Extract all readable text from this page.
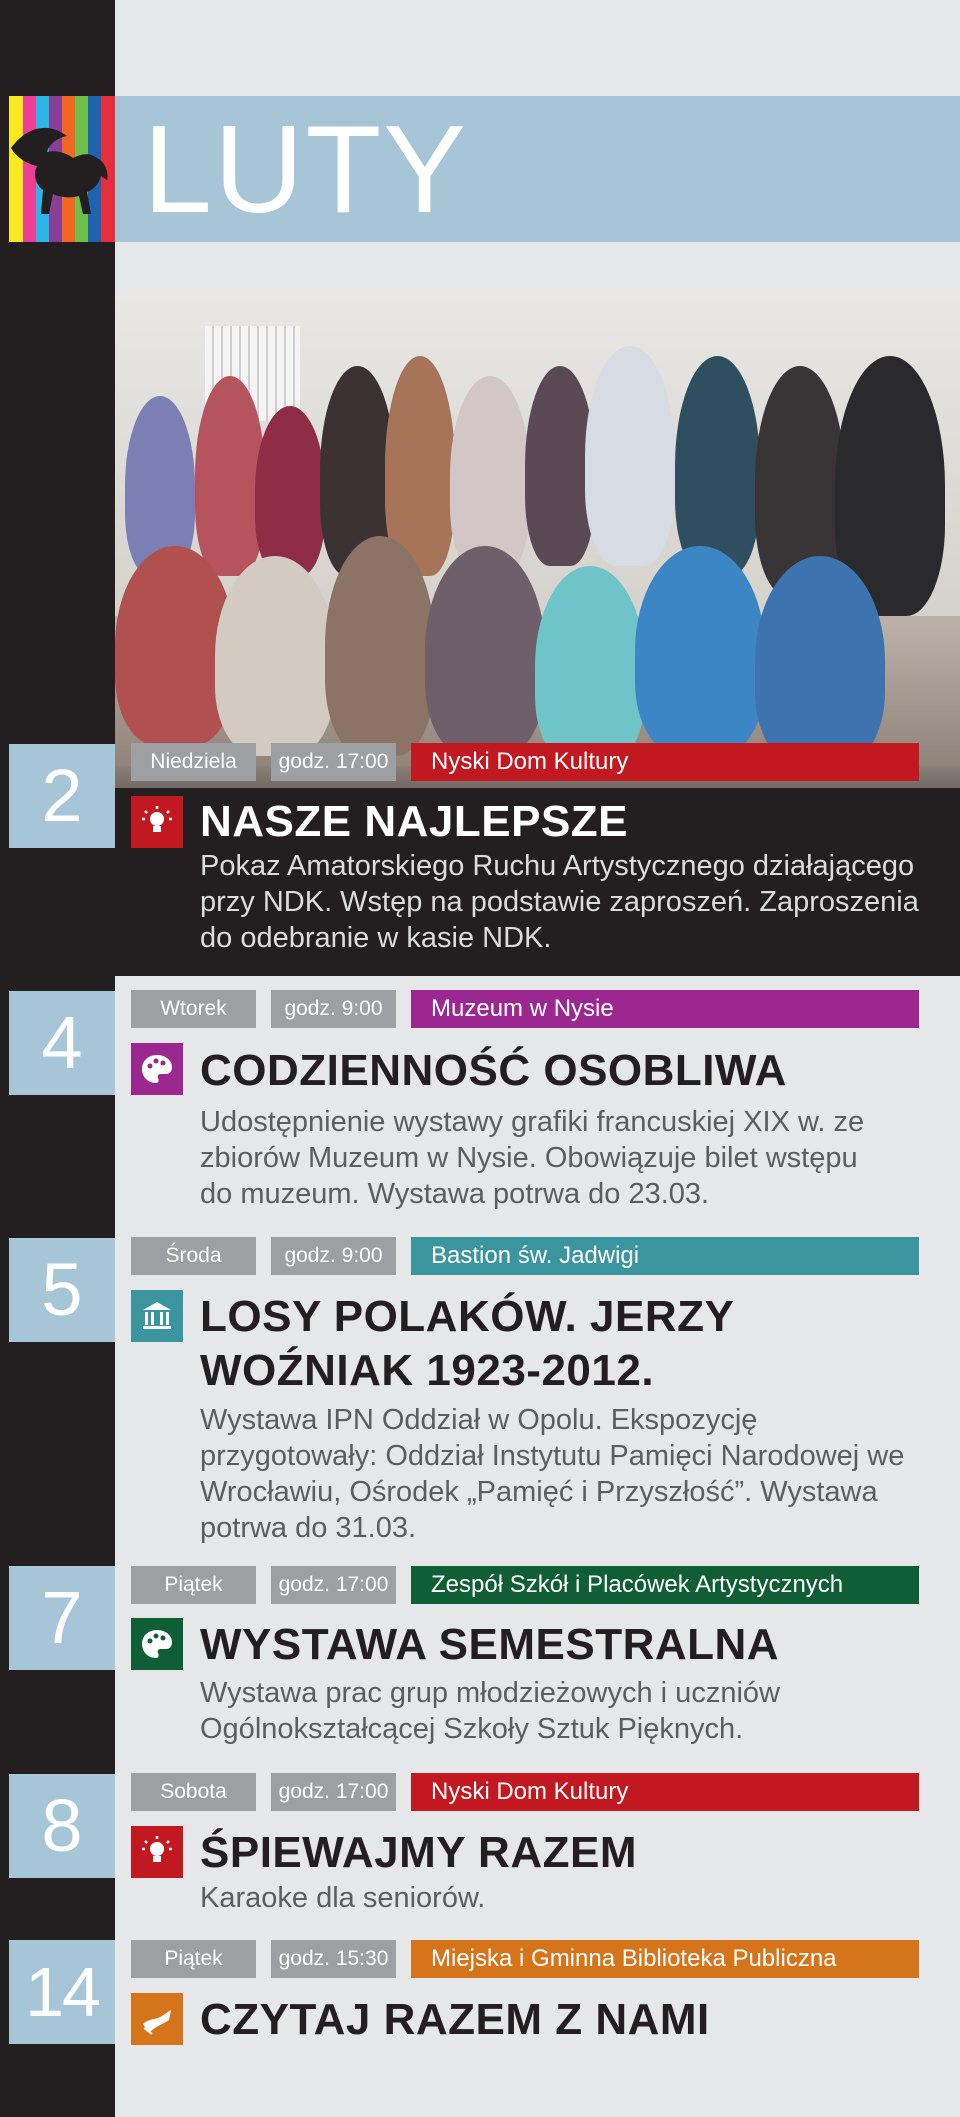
LUTY
2	Niedziela	godz. 17:00	Nyski Dom Kultury
NASZE NAJLEPSZE
Pokaz Amatorskiego Ruchu Artystycznego działającego przy NDK. Wstęp na podstawie zaproszeń. Zaproszenia do odebranie w kasie NDK.
4	Wtorek	godz. 9:00	Muzeum w Nysie
CODZIENNOŚĆ OSOBLIWA
Udostępnienie wystawy grafiki francuskiej XIX w. ze zbiorów Muzeum w Nysie. Obowiązuje bilet wstępu do muzeum. Wystawa potrwa do 23.03.
5	Środa	godz. 9:00	Bastion św. Jadwigi
LOSY POLAKÓW. JERZY WOŹNIAK 1923-2012.
Wystawa IPN Oddział w Opolu. Ekspozycję przygotowały: Oddział Instytutu Pamięci Narodowej we Wrocławiu, Ośrodek „Pamięć i Przyszłość”. Wystawa potrwa do 31.03.
7	Piątek	godz. 17:00	Zespół Szkół i Placówek Artystycznych
WYSTAWA SEMESTRALNA
Wystawa prac grup młodzieżowych i uczniów Ogólnokształcącej Szkoły Sztuk Pięknych.
8	Sobota	godz. 17:00	Nyski Dom Kultury
ŚPIEWAJMY RAZEM
Karaoke dla seniorów.
14	Piątek	godz. 15:30	Miejska i Gminna Biblioteka Publiczna
CZYTAJ RAZEM Z NAMI
